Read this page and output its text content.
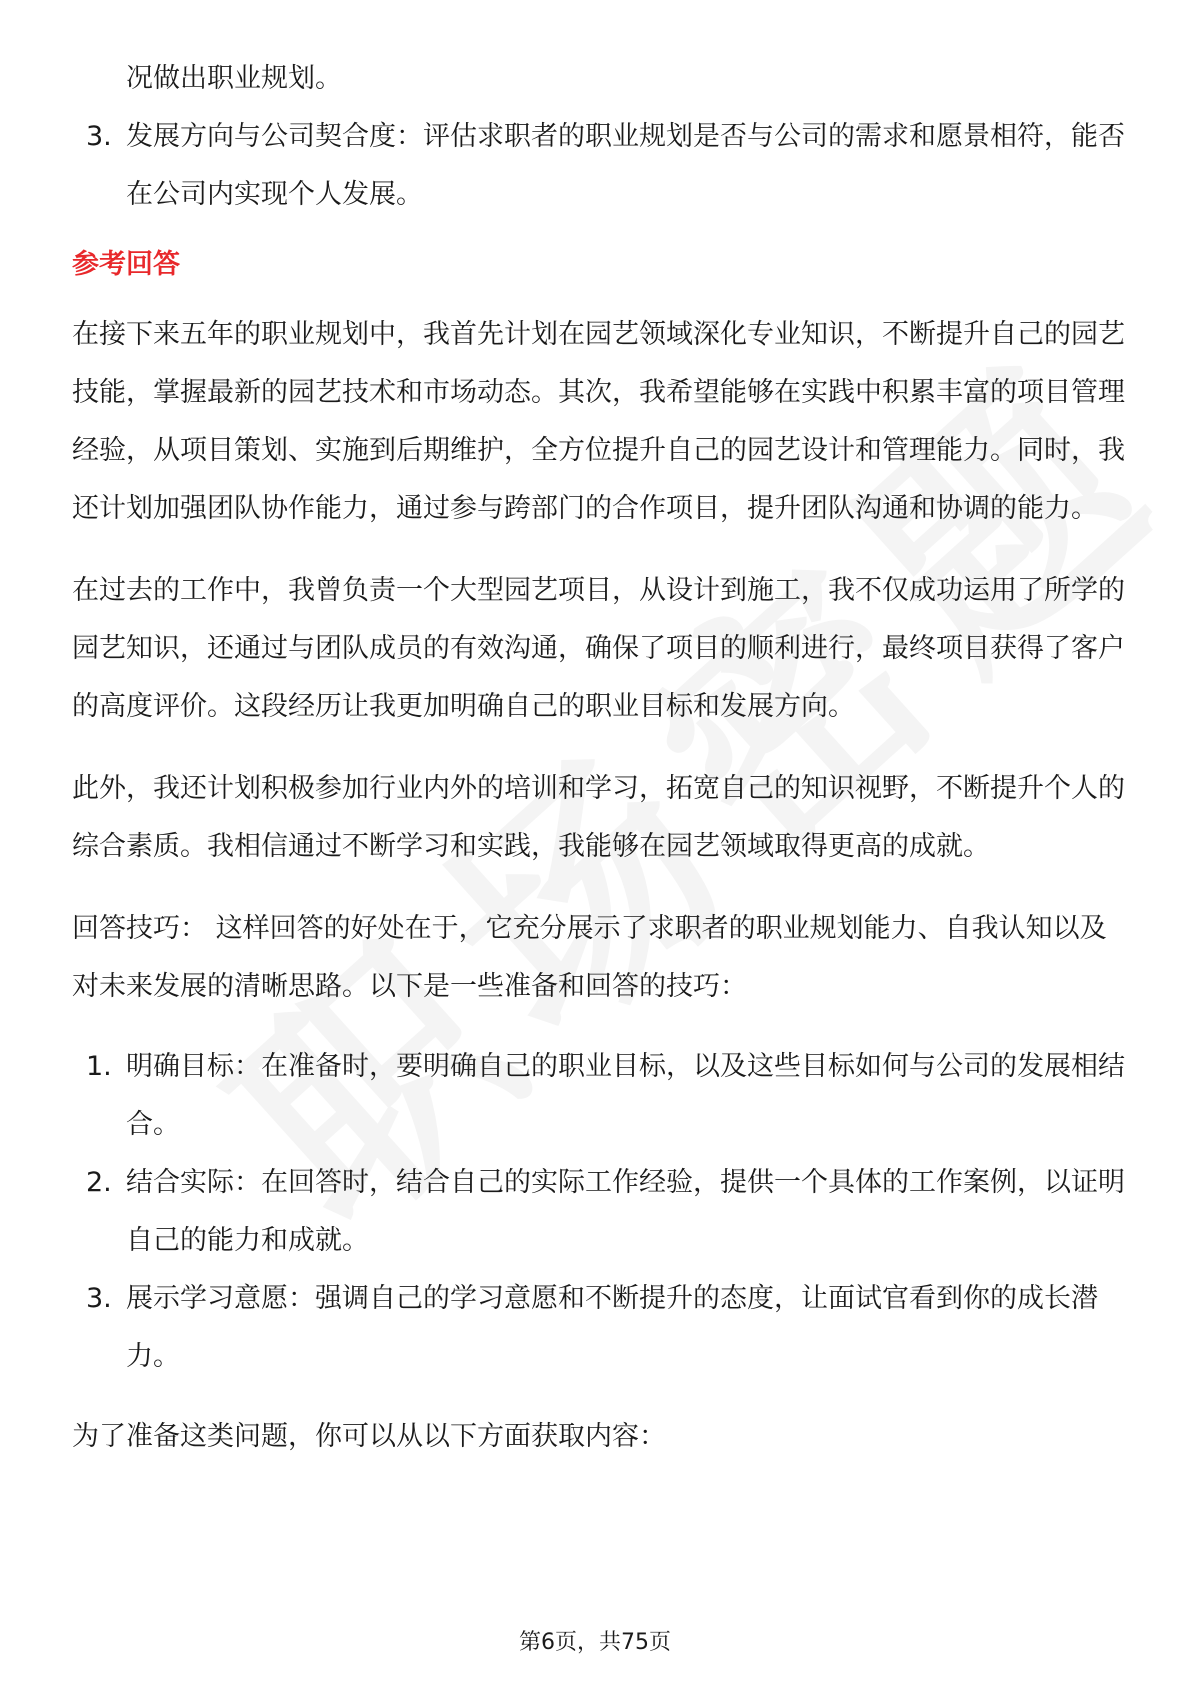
况做出职业规划。
3. 发展方向与公司契合度：评估求职者的职业规划是否与公司的需求和愿景相符，能否在公司内实现个人发展。

参考回答

在接下来五年的职业规划中，我首先计划在园艺领域深化专业知识，不断提升自己的园艺技能，掌握最新的园艺技术和市场动态。其次，我希望能够在实践中积累丰富的项目管理经验，从项目策划、实施到后期维护，全方位提升自己的园艺设计和管理能力。同时，我还计划加强团队协作能力，通过参与跨部门的合作项目，提升团队沟通和协调的能力。

在过去的工作中，我曾负责一个大型园艺项目，从设计到施工，我不仅成功运用了所学的园艺知识，还通过与团队成员的有效沟通，确保了项目的顺利进行，最终项目获得了客户的高度评价。这段经历让我更加明确自己的职业目标和发展方向。

此外，我还计划积极参加行业内外的培训和学习，拓宽自己的知识视野，不断提升个人的综合素质。我相信通过不断学习和实践，我能够在园艺领域取得更高的成就。

回答技巧： 这样回答的好处在于，它充分展示了求职者的职业规划能力、自我认知以及对未来发展的清晰思路。以下是一些准备和回答的技巧：

1. 明确目标：在准备时，要明确自己的职业目标，以及这些目标如何与公司的发展相结合。
2. 结合实际：在回答时，结合自己的实际工作经验，提供一个具体的工作案例，以证明自己的能力和成就。
3. 展示学习意愿：强调自己的学习意愿和不断提升的态度，让面试官看到你的成长潜力。

为了准备这类问题，你可以从以下方面获取内容：

第6页，共75页
